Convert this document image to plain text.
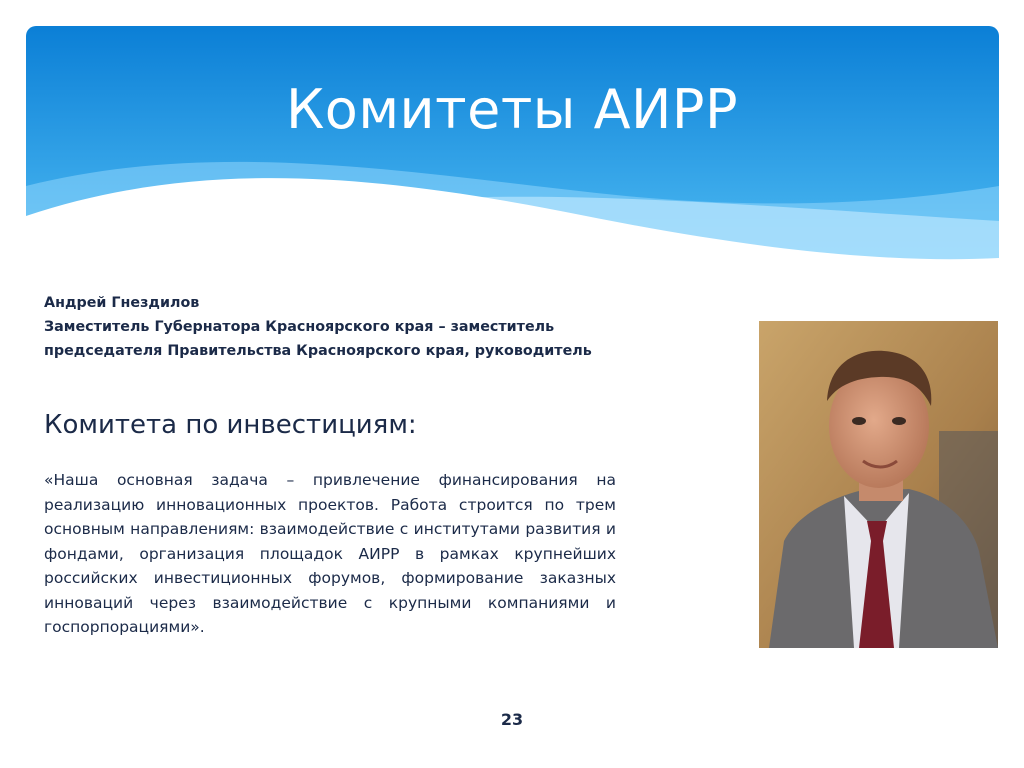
Комитеты АИРР
Андрей Гнездилов
Заместитель Губернатора Красноярского края – заместитель председателя Правительства Красноярского края, руководитель
Комитета по инвестициям:
«Наша основная задача – привлечение финансирования на реализацию инновационных проектов. Работа строится по трем основным направлениям: взаимодействие с институтами развития и фондами, организация площадок АИРР в рамках крупнейших российских инвестиционных форумов, формирование заказных инноваций через взаимодействие с крупными компаниями и госпорпорациями».
23
